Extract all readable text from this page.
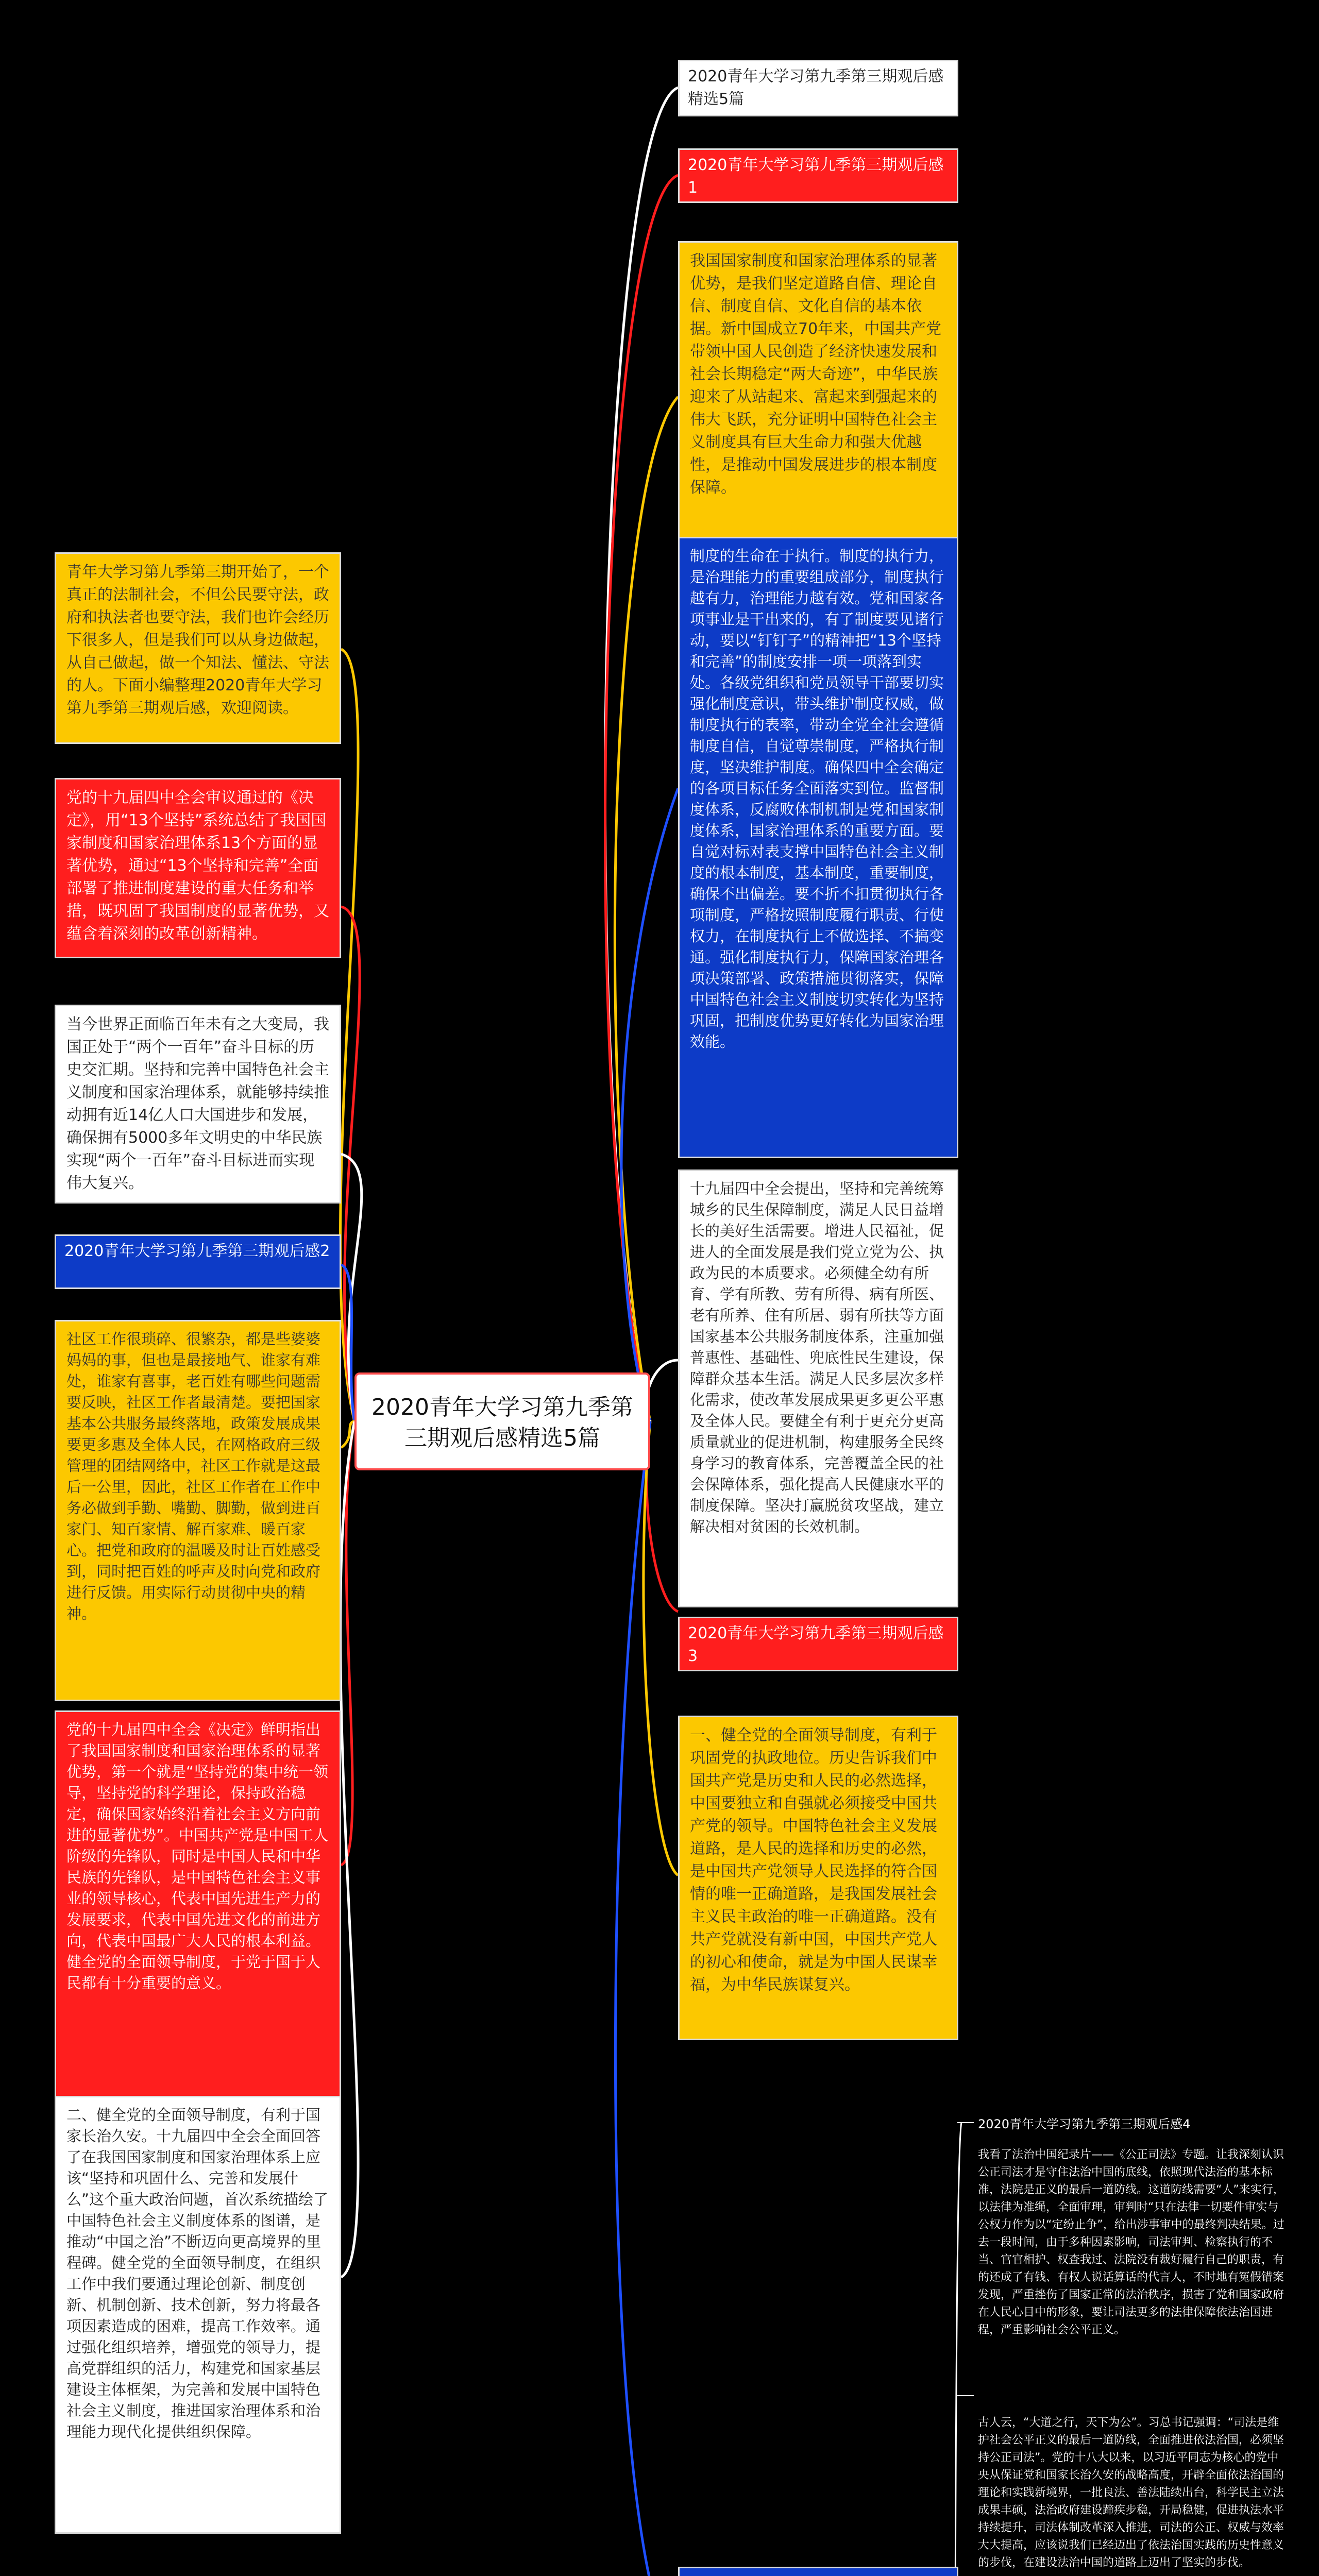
2020青年大学习第九季第三期观后感精选5篇
2020青年大学习第九季第三期观后感精选5篇
2020青年大学习第九季第三期观后感1
我国国家制度和国家治理体系的显著优势，是我们坚定道路自信、理论自信、制度自信、文化自信的基本依据。新中国成立70年来，中国共产党带领中国人民创造了经济快速发展和社会长期稳定“两大奇迹”，中华民族迎来了从站起来、富起来到强起来的伟大飞跃，充分证明中国特色社会主义制度具有巨大生命力和强大优越性，是推动中国发展进步的根本制度保障。
制度的生命在于执行。制度的执行力，是治理能力的重要组成部分，制度执行越有力，治理能力越有效。党和国家各项事业是干出来的，有了制度要见诸行动，要以“钉钉子”的精神把“13个坚持和完善”的制度安排一项一项落到实处。各级党组织和党员领导干部要切实强化制度意识，带头维护制度权威，做制度执行的表率，带动全党全社会遵循制度自信，自觉尊崇制度，严格执行制度，坚决维护制度。确保四中全会确定的各项目标任务全面落实到位。监督制度体系，反腐败体制机制是党和国家制度体系，国家治理体系的重要方面。要自觉对标对表支撑中国特色社会主义制度的根本制度，基本制度，重要制度，确保不出偏差。要不折不扣贯彻执行各项制度，严格按照制度履行职责、行使权力，在制度执行上不做选择、不搞变通。强化制度执行力，保障国家治理各项决策部署、政策措施贯彻落实，保障中国特色社会主义制度切实转化为坚持巩固，把制度优势更好转化为国家治理效能。
十九届四中全会提出，坚持和完善统筹城乡的民生保障制度，满足人民日益增长的美好生活需要。增进人民福祉，促进人的全面发展是我们党立党为公、执政为民的本质要求。必须健全幼有所育、学有所教、劳有所得、病有所医、老有所养、住有所居、弱有所扶等方面国家基本公共服务制度体系，注重加强普惠性、基础性、兜底性民生建设，保障群众基本生活。满足人民多层次多样化需求，使改革发展成果更多更公平惠及全体人民。要健全有利于更充分更高质量就业的促进机制，构建服务全民终身学习的教育体系，完善覆盖全民的社会保障体系，强化提高人民健康水平的制度保障。坚决打赢脱贫攻坚战，建立解决相对贫困的长效机制。
2020青年大学习第九季第三期观后感3
一、健全党的全面领导制度，有利于巩固党的执政地位。历史告诉我们中国共产党是历史和人民的必然选择，中国要独立和自强就必须接受中国共产党的领导。中国特色社会主义发展道路，是人民的选择和历史的必然，是中国共产党领导人民选择的符合国情的唯一正确道路，是我国发展社会主义民主政治的唯一正确道路。没有共产党就没有新中国，中国共产党人的初心和使命，就是为中国人民谋幸福，为中华民族谋复兴。
青年大学习第九季第三期开始了，一个真正的法制社会，不但公民要守法，政府和执法者也要守法，我们也许会经历下很多人，但是我们可以从身边做起，从自己做起，做一个知法、懂法、守法的人。下面小编整理2020青年大学习第九季第三期观后感，欢迎阅读。
党的十九届四中全会审议通过的《决定》，用“13个坚持”系统总结了我国国家制度和国家治理体系13个方面的显著优势，通过“13个坚持和完善”全面部署了推进制度建设的重大任务和举措，既巩固了我国制度的显著优势，又蕴含着深刻的改革创新精神。
当今世界正面临百年未有之大变局，我国正处于“两个一百年”奋斗目标的历史交汇期。坚持和完善中国特色社会主义制度和国家治理体系，就能够持续推动拥有近14亿人口大国进步和发展，确保拥有5000多年文明史的中华民族实现“两个一百年”奋斗目标进而实现伟大复兴。
2020青年大学习第九季第三期观后感2
社区工作很琐碎、很繁杂，都是些婆婆妈妈的事，但也是最接地气、谁家有难处，谁家有喜事，老百姓有哪些问题需要反映，社区工作者最清楚。要把国家基本公共服务最终落地，政策发展成果要更多惠及全体人民，在网格政府三级管理的团结网络中，社区工作就是这最后一公里，因此，社区工作者在工作中务必做到手勤、嘴勤、脚勤，做到进百家门、知百家情、解百家难、暖百家心。把党和政府的温暖及时让百姓感受到，同时把百姓的呼声及时向党和政府进行反馈。用实际行动贯彻中央的精神。
党的十九届四中全会《决定》鲜明指出了我国国家制度和国家治理体系的显著优势，第一个就是“坚持党的集中统一领导，坚持党的科学理论，保持政治稳定，确保国家始终沿着社会主义方向前进的显著优势”。中国共产党是中国工人阶级的先锋队，同时是中国人民和中华民族的先锋队，是中国特色社会主义事业的领导核心，代表中国先进生产力的发展要求，代表中国先进文化的前进方向，代表中国最广大人民的根本利益。健全党的全面领导制度，于党于国于人民都有十分重要的意义。
二、健全党的全面领导制度，有利于国家长治久安。十九届四中全会全面回答了在我国国家制度和国家治理体系上应该“坚持和巩固什么、完善和发展什么”这个重大政治问题，首次系统描绘了中国特色社会主义制度体系的图谱，是推动“中国之治”不断迈向更高境界的里程碑。健全党的全面领导制度，在组织工作中我们要通过理论创新、制度创新、机制创新、技术创新，努力将最各项因素造成的困难，提高工作效率。通过强化组织培养，增强党的领导力，提高党群组织的活力，构建党和国家基层建设主体框架，为完善和发展中国特色社会主义制度，推进国家治理体系和治理能力现代化提供组织保障。
2020青年大学习第九季第三期观后感4
我看了法治中国纪录片——《公正司法》专题。让我深刻认识公正司法才是守住法治中国的底线，依照现代法治的基本标准，法院是正义的最后一道防线。这道防线需要“人”来实行，以法律为准绳，全面审理，审判时“只在法律一切要件审实与公权力作为以“定纷止争”，给出涉事审中的最终判决结果。过去一段时间，由于多种因素影响，司法审判、检察执行的不当、官官相护、权查我过、法院没有裁好履行自己的职责，有的还成了有钱、有权人说话算话的代言人，不时地有冤假错案发现，严重挫伤了国家正常的法治秩序，损害了党和国家政府在人民心目中的形象，要让司法更多的法律保障依法治国进程，严重影响社会公平正义。
古人云，“大道之行，天下为公”。习总书记强调：“司法是维护社会公平正义的最后一道防线，全面推进依法治国，必须坚持公正司法”。党的十八大以来，以习近平同志为核心的党中央从保证党和国家长治久安的战略高度，开辟全面依法治国的理论和实践新境界，一批良法、善法陆续出台，科学民主立法成果丰硕，法治政府建设蹄疾步稳，开局稳健，促进执法水平持续提升，司法体制改革深入推进，司法的公正、权威与效率大大提高，应该说我们已经迈出了依法治国实践的历史性意义的步伐，在建设法治中国的道路上迈出了坚实的步伐。
